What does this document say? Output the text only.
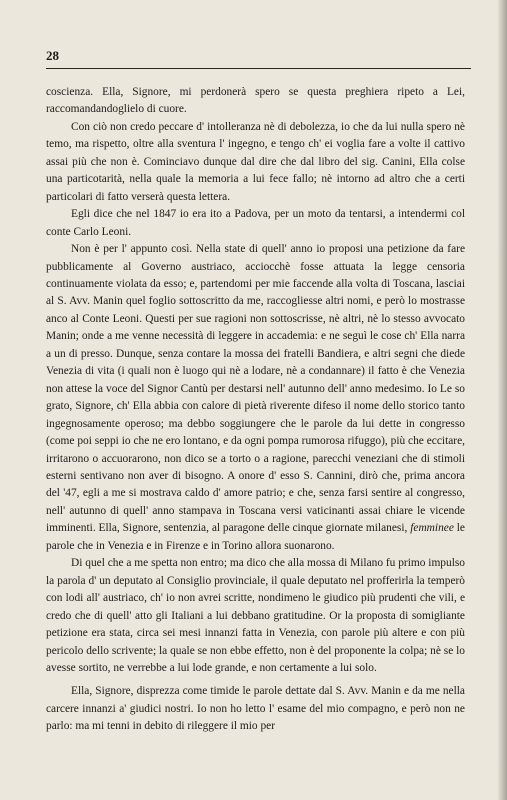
28

coscienza. Ella, Signore, mi perdonerà spero se questa preghiera ripeto a Lei, raccomandandoglielo di cuore.

Con ciò non credo peccare d' intolleranza nè di debolezza, io che da lui nulla spero nè temo, ma rispetto, oltre alla sventura l' ingegno, e tengo ch' ei voglia fare a volte il cattivo assai più che non è. Cominciavo dunque dal dire che dal libro del sig. Canini, Ella colse una particotarità, nella quale la memoria a lui fece fallo; nè intorno ad altro che a certi particolari di fatto verserà questa lettera.

Egli dice che nel 1847 io era ito a Padova, per un moto da tentarsi, a intendermi col conte Carlo Leoni.

Non è per l' appunto così. Nella state di quell' anno io proposi una petizione da fare pubblicamente al Governo austriaco, acciocchè fosse attuata la legge censoria continuamente violata da esso; e, partendomi per mie faccende alla volta di Toscana, lasciai al S. Avv. Manin quel foglio sottoscritto da me, raccogliesse altri nomi, e però lo mostrasse anco al Conte Leoni. Questi per sue ragioni non sottoscrisse, nè altri, nè lo stesso avvocato Manin; onde a me venne necessità di leggere in accademia: e ne seguì le cose ch' Ella narra a un di presso. Dunque, senza contare la mossa dei fratelli Bandiera, e altri segni che diede Venezia di vita (i quali non è luogo qui nè a lodare, nè a condannare) il fatto è che Venezia non attese la voce del Signor Cantù per destarsi nell' autunno dell' anno medesimo. Io Le so grato, Signore, ch' Ella abbia con calore di pietà riverente difeso il nome dello storico tanto ingegnosamente operoso; ma debbo soggiungere che le parole da lui dette in congresso (come poi seppi io che ne ero lontano, e da ogni pompa rumorosa rifuggo), più che eccitare, irritarono o accuorarono, non dico se a torto o a ragione, parecchi veneziani che di stimoli esterni sentivano non aver di bisogno. A onore d' esso S. Cannini, dirò che, prima ancora del '47, egli a me si mostrava caldo d' amore patrio; e che, senza farsi sentire al congresso, nell' autunno di quell' anno stampava in Toscana versi vaticinanti assai chiare le vicende imminenti. Ella, Signore, sentenzia, al paragone delle cinque giornate milanesi, femminee le parole che in Venezia e in Firenze e in Torino allora suonarono.

Di quel che a me spetta non entro; ma dico che alla mossa di Milano fu primo impulso la parola d' un deputato al Consiglio provinciale, il quale deputato nel profferirla la temperò con lodi all' austriaco, ch' io non avrei scritte, nondimeno le giudico più prudenti che vili, e credo che di quell' atto gli Italiani a lui debbano gratitudine. Or la proposta di somigliante petizione era stata, circa sei mesi innanzi fatta in Venezia, con parole più altere e con più pericolo dello scrivente; la quale se non ebbe effetto, non è del proponente la colpa; nè se lo avesse sortito, ne verrebbe a lui lode grande, e non certamente a lui solo.

Ella, Signore, disprezza come timide le parole dettate dal S. Avv. Manin e da me nella carcere innanzi a' giudici nostri. Io non ho letto l' esame del mio compagno, e però non ne parlo: ma mi tenni in debito di rileggere il mio per
